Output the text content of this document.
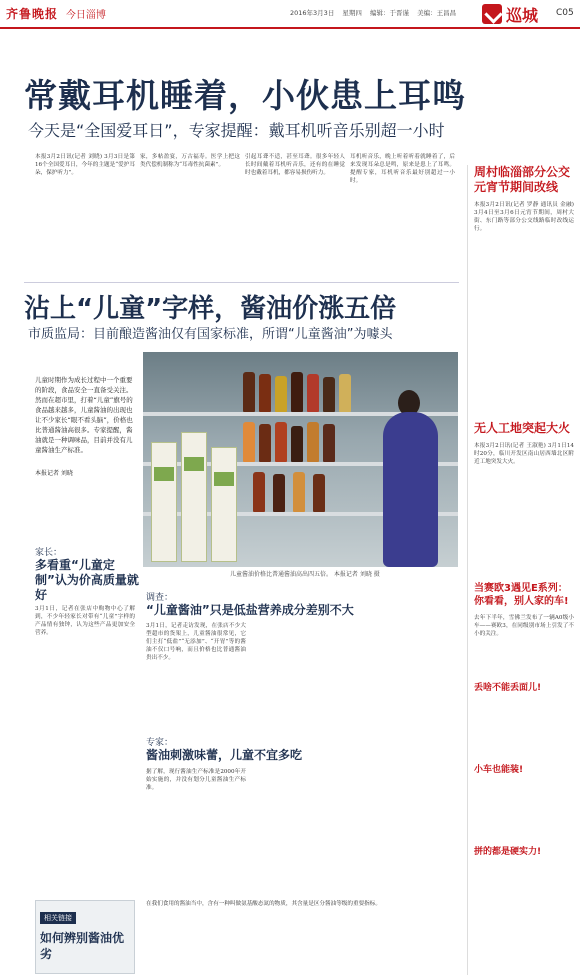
齐鲁晚报 今日淄博	2016年3月3日 星期四 编辑：于晋谨 美编：王昌昌	巡城 C05
常戴耳机睡着，小伙患上耳鸣
今天是“全国爱耳日”，专家提醒：戴耳机听音乐别超一小时
本报3月2日讯(记者 刘晓) 3月3日是第16个全国爱耳日，今年的主题是“爱护耳朵，保护听力”。
家，多帖盈宴，万古福寿。医学上把这类代偿机制称为“耳毒性抗菌素”。
引起耳聋不适，甚至耳聋。很多年轻人长时间戴着耳机听音乐，还有的在睡觉时也戴着耳机，都容易损伤听力。
耳机听音乐，晚上听着听着就睡着了，后来发现耳朵总是鸣，原来是患上了耳鸣。提醒专家，耳机听音乐最好别超过一小时。
沾上“儿童”字样，酱油价涨五倍
市质监局：目前酿造酱油仅有国家标准，所谓“儿童酱油”为噱头
儿童时期作为成长过程中一个重要的阶段，食品安全一直备受关注。然而在超市里，打着“儿童”旗号的食品越来越多，儿童酱油的出现也让不少家长“眼不看头脑”，价格也比普通酱油高很多。专家提醒，酱油就是一种调味品，目前并没有儿童酱油生产标准。
本报记者 刘晓
家长：
多看重“儿童定制”认为价高质量就好
3月1日，记者在张店中购物中心了解到，不少年轻家长对带有“儿童”字样的产品情有独钟，认为这些产品更加安全营养。
儿童酱油价格比普通酱油高出四五倍。 本报记者 刘晓 摄
调查：
“儿童酱油”只是低盐营养成分差别不大
3月1日，记者走访发现，在张店不少大型超市的货架上，儿童酱油很常见，它们主打“低盐”“无添加”、“开胃”等的酱油不仅口号响，而且价格也比普通酱油贵出不少。
专家：
酱油刺激味蕾，儿童不宜多吃
据了解，现行酱油生产标准是2000年开始实施的，并没有划分儿童酱油生产标准。
相关链接
如何辨别酱油优劣
在我们食用的酱油当中，含有一种叫做氨基酸态氮的物质，其含量是区分酱油等级的重要指标。
周村临淄部分公交元宵节期间改线
本报3月2日讯(记者 罗静 通讯员 金融) 3月4日至3月6日元宵节期间，周村大街、东门路等部分公交线路临时改线运行。
无人工地突起大火
本报3月2日讯(记者 王淑艳) 3月1日14时20分，临川开发区南山居西墙北区附近工地突发大火。
当赛欧3遇见E系列：你看看，别人家的车!
去年下半年，雪佛兰发布了一辆A0级小车——赛欧3，在同级别市场上引发了不小的关注。
丢啥不能丢面儿!
小车也能装!
拼的都是硬实力!
